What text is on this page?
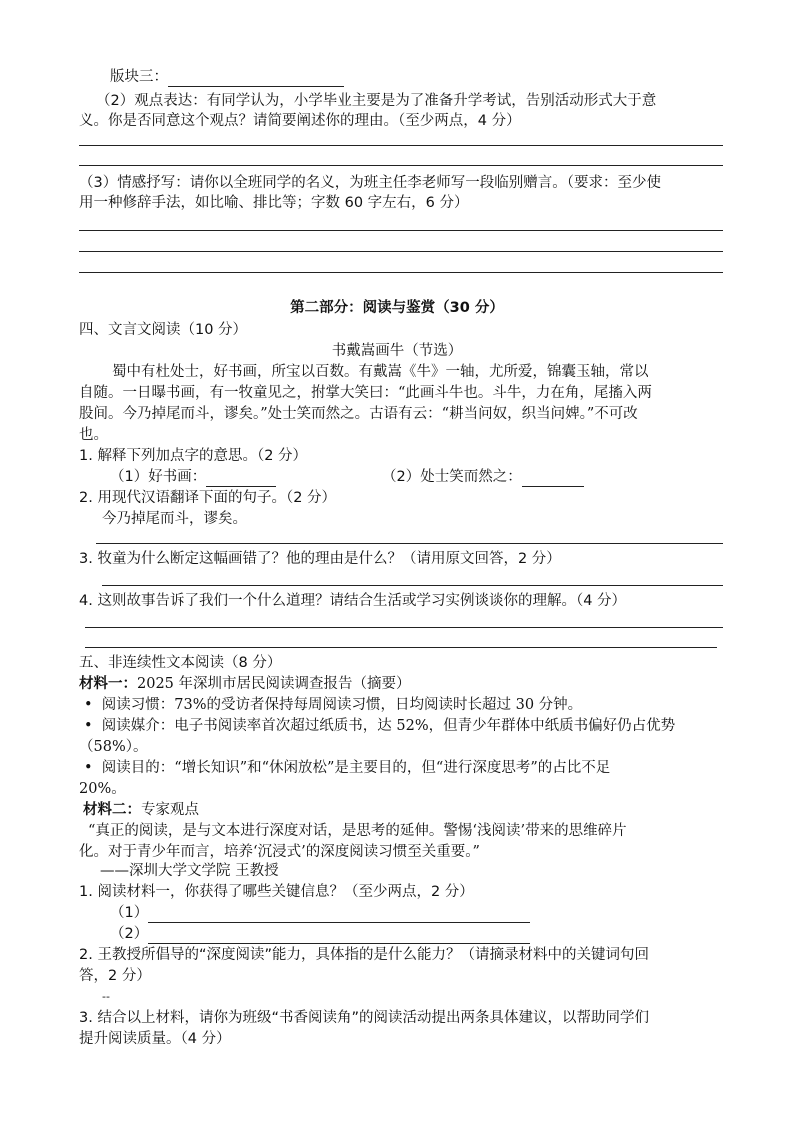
版块三：
（2）观点表达：有同学认为，小学毕业主要是为了准备升学考试，告别活动形式大于意
义。你是否同意这个观点？请简要阐述你的理由。（至少两点，4 分）
（3）情感抒写：请你以全班同学的名义，为班主任李老师写一段临别赠言。（要求：至少使
用一种修辞手法，如比喻、排比等；字数 60 字左右，6 分）
第二部分：阅读与鉴赏（30 分）
四、文言文阅读（10 分）
书戴嵩画牛（节选）
蜀中有杜处士，好书画，所宝以百数。有戴嵩《牛》一轴，尤所爱，锦囊玉轴，常以
自随。一日曝书画，有一牧童见之，拊掌大笑曰：“此画斗牛也。斗牛，力在角，尾搐入两
股间。今乃掉尾而斗，谬矣。”处士笑而然之。古语有云：“耕当问奴，织当问婢。”不可改
也。
1. 解释下列加点字的意思。（2 分）
（1）好书画：	（2）处士笑而然之：
2. 用现代汉语翻译下面的句子。（2 分）
今乃掉尾而斗，谬矣。
3. 牧童为什么断定这幅画错了？他的理由是什么？（请用原文回答，2 分）
4. 这则故事告诉了我们一个什么道理？请结合生活或学习实例谈谈你的理解。（4 分）
五、非连续性文本阅读（8 分）
材料一：2025 年深圳市居民阅读调查报告（摘要）
•  阅读习惯：73%的受访者保持每周阅读习惯，日均阅读时长超过 30 分钟。
•  阅读媒介：电子书阅读率首次超过纸质书，达 52%，但青少年群体中纸质书偏好仍占优势
（58%）。
•  阅读目的：“增长知识”和“休闲放松”是主要目的，但“进行深度思考”的占比不足
20%。
材料二：专家观点
“真正的阅读，是与文本进行深度对话，是思考的延伸。警惕‘浅阅读’带来的思维碎片
化。对于青少年而言，培养‘沉浸式’的深度阅读习惯至关重要。”
——深圳大学文学院 王教授
1. 阅读材料一，你获得了哪些关键信息？（至少两点，2 分）
（1）
（2）
2. 王教授所倡导的“深度阅读”能力，具体指的是什么能力？（请摘录材料中的关键词句回
答，2 分）
--
3. 结合以上材料，请你为班级“书香阅读角”的阅读活动提出两条具体建议，以帮助同学们
提升阅读质量。（4 分）
